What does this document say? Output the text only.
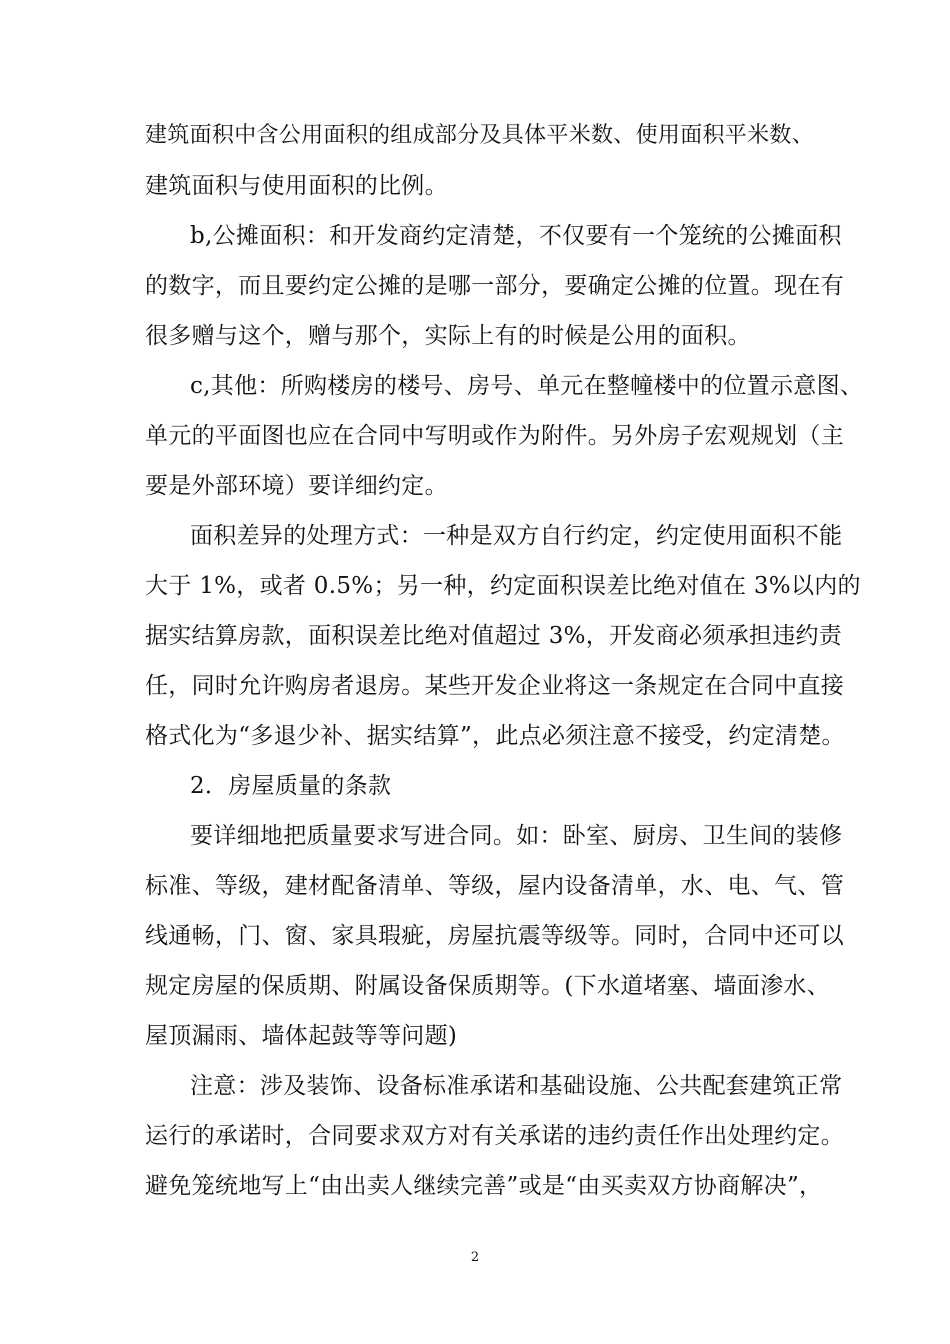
建筑面积中含公用面积的组成部分及具体平米数、使用面积平米数、
建筑面积与使用面积的比例。
b,公摊面积：和开发商约定清楚，不仅要有一个笼统的公摊面积
的数字，而且要约定公摊的是哪一部分，要确定公摊的位置。现在有
很多赠与这个，赠与那个，实际上有的时候是公用的面积。
c,其他：所购楼房的楼号、房号、单元在整幢楼中的位置示意图、
单元的平面图也应在合同中写明或作为附件。另外房子宏观规划（主
要是外部环境）要详细约定。
面积差异的处理方式：一种是双方自行约定，约定使用面积不能
大于 1%，或者 0.5%；另一种，约定面积误差比绝对值在 3%以内的
据实结算房款，面积误差比绝对值超过 3%，开发商必须承担违约责
任，同时允许购房者退房。某些开发企业将这一条规定在合同中直接
格式化为“多退少补、据实结算”，此点必须注意不接受，约定清楚。
2．房屋质量的条款
要详细地把质量要求写进合同。如：卧室、厨房、卫生间的装修
标准、等级，建材配备清单、等级，屋内设备清单，水、电、气、管
线通畅，门、窗、家具瑕疵，房屋抗震等级等。同时，合同中还可以
规定房屋的保质期、附属设备保质期等。(下水道堵塞、墙面渗水、
屋顶漏雨、墙体起鼓等等问题)
注意：涉及装饰、设备标准承诺和基础设施、公共配套建筑正常
运行的承诺时，合同要求双方对有关承诺的违约责任作出处理约定。
避免笼统地写上“由出卖人继续完善”或是“由买卖双方协商解决”，
2
